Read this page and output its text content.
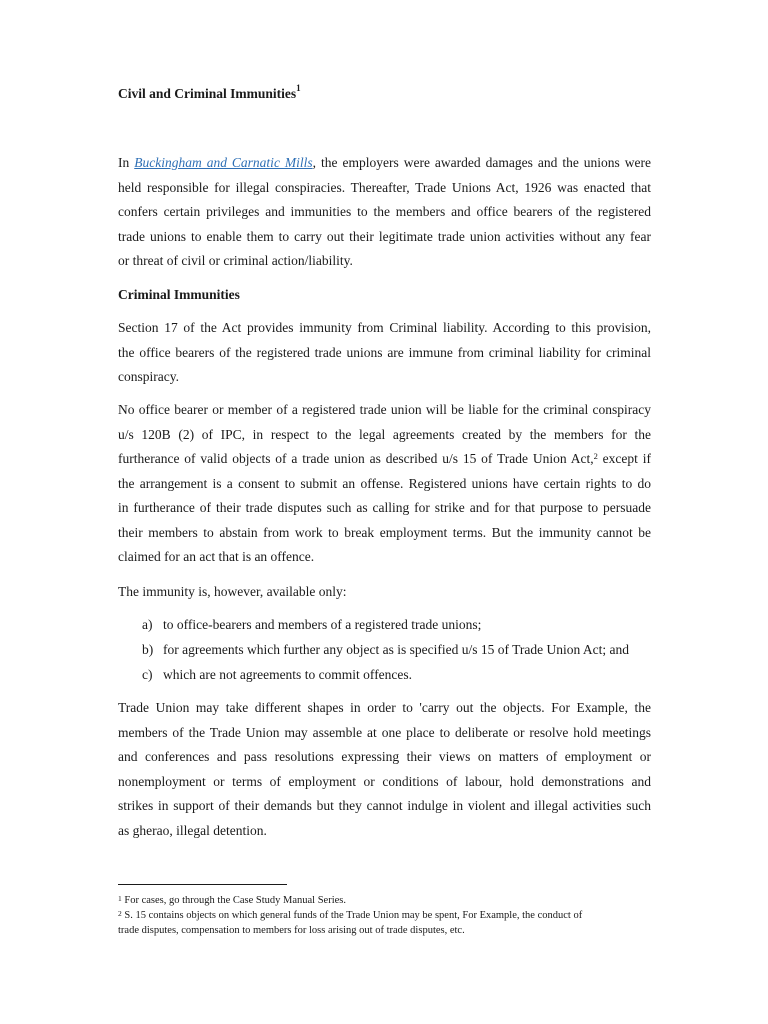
Civil and Criminal Immunities$^1$
In Buckingham and Carnatic Mills, the employers were awarded damages and the unions were
held responsible for illegal conspiracies. Thereafter, Trade Unions Act, 1926 was enacted that
confers certain privileges and immunities to the members and office bearers of the registered
trade unions to enable them to carry out their legitimate trade union activities without any fear
or threat of civil or criminal action/liability.
Criminal Immunities
Section 17 of the Act provides immunity from Criminal liability. According to this provision,
the office bearers of the registered trade unions are immune from criminal liability for criminal
conspiracy.
No office bearer or member of a registered trade union will be liable for the criminal conspiracy
u/s 120B (2) of IPC, in respect to the legal agreements created by the members for the
furtherance of valid objects of a trade union as described u/s 15 of Trade Union Act,$^2$ except if
the arrangement is a consent to submit an offense. Registered unions have certain rights to do
in furtherance of their trade disputes such as calling for strike and for that purpose to persuade
their members to abstain from work to break employment terms. But the immunity cannot be
claimed for an act that is an offence.
The immunity is, however, available only:
a) to office-bearers and members of a registered trade unions;
b) for agreements which further any object as is specified u/s 15 of Trade Union Act; and
c) which are not agreements to commit offences.
Trade Union may take different shapes in order to 'carry out the objects. For Example, the
members of the Trade Union may assemble at one place to deliberate or resolve hold meetings
and conferences and pass resolutions expressing their views on matters of employment or
nonemployment or terms of employment or conditions of labour, hold demonstrations and
strikes in support of their demands but they cannot indulge in violent and illegal activities such
as gherao, illegal detention.
$^1$ For cases, go through the Case Study Manual Series.
$^2$ S. 15 contains objects on which general funds of the Trade Union may be spent, For Example, the conduct of
trade disputes, compensation to members for loss arising out of trade disputes, etc.
